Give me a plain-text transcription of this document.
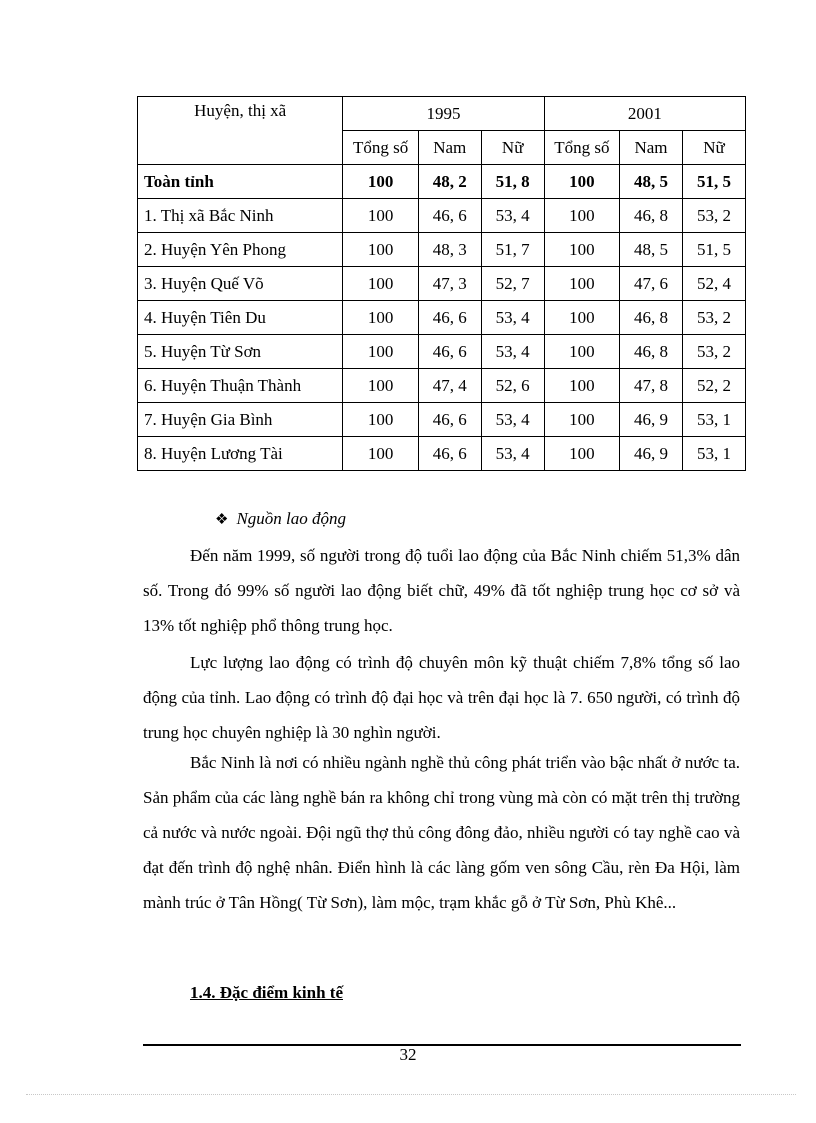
Huyện, thị xã	1995			2001		
	Tổng số	Nam	Nữ	Tổng số	Nam	Nữ
Toàn tỉnh	100	48, 2	51, 8	100	48, 5	51, 5
1. Thị xã Bắc Ninh	100	46, 6	53, 4	100	46, 8	53, 2
2. Huyện Yên Phong	100	48, 3	51, 7	100	48, 5	51, 5
3. Huyện Quế Võ	100	47, 3	52, 7	100	47, 6	52, 4
4. Huyện Tiên Du	100	46, 6	53, 4	100	46, 8	53, 2
5. Huyện Từ Sơn	100	46, 6	53, 4	100	46, 8	53, 2
6. Huyện Thuận Thành	100	47, 4	52, 6	100	47, 8	52, 2
7. Huyện Gia Bình	100	46, 6	53, 4	100	46, 9	53, 1
8. Huyện Lương Tài	100	46, 6	53, 4	100	46, 9	53, 1
❖ Nguồn lao động

Đến năm 1999, số người trong độ tuổi lao động của Bắc Ninh chiếm 51,3% dân số. Trong đó 99% số người lao động biết chữ, 49% đã tốt nghiệp trung học cơ sở và 13% tốt nghiệp phổ thông trung học.

Lực lượng lao động có trình độ chuyên môn kỹ thuật chiếm 7,8% tổng số lao động của tỉnh. Lao động có trình độ đại học và trên đại học là 7. 650 người, có trình độ trung học chuyên nghiệp là 30 nghìn người.

Bắc Ninh là nơi có nhiều ngành nghề thủ công phát triển vào bậc nhất ở nước ta. Sản phẩm của các làng nghề bán ra không chỉ trong vùng mà còn có mặt trên thị trường cả nước và nước ngoài. Đội ngũ thợ thủ công đông đảo, nhiều người có tay nghề cao và đạt đến trình độ nghệ nhân. Điển hình là các làng gốm ven sông Cầu, rèn Đa Hội, làm mành trúc ở Tân Hồng( Từ Sơn), làm mộc, trạm khắc gỗ ở Từ Sơn, Phù Khê...

1.4. Đặc điểm kinh tế
32
